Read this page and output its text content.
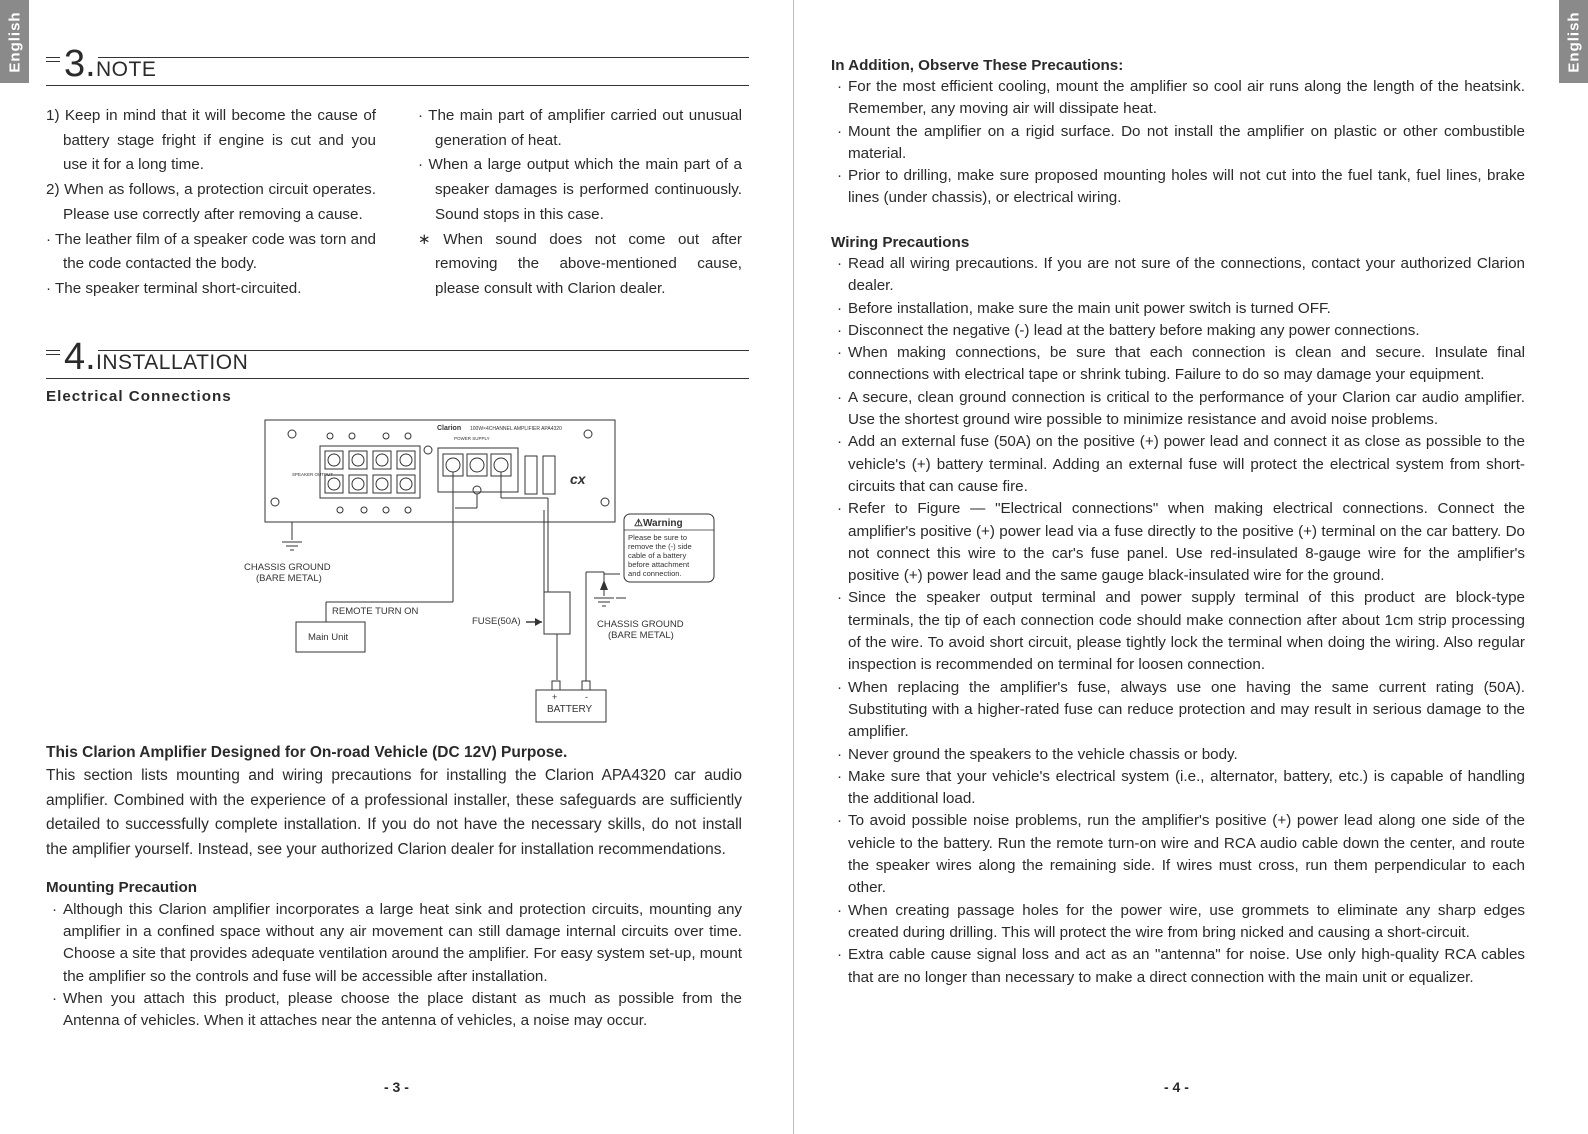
English 3. NOTE

1) Keep in mind that it will become the cause of battery stage fright if engine is cut and you use it for a long time.

2) When as follows, a protection circuit operates. Please use correctly after removing a cause.

· The leather film of a speaker code was torn and the code contacted the body.

· The speaker terminal short-circuited.

· The main part of amplifier carried out unusual generation of heat.

· When a large output which the main part of a speaker damages is performed continuously. Sound stops in this case.

∗ When sound does not come out after removing the above-mentioned cause, please consult with Clarion dealer.

4. INSTALLATION
Electrical Connections
Clarion 100W×4CHANNEL AMPLIFIER APA4320
POWER SUPPLY
SPEAKER OUTPUT	cx
⚠Warning
Please be sure to remove the (-) side cable of a battery before attachment and connection.
CHASSIS GROUND
(BARE METAL)
REMOTE TURN ON
Main Unit
FUSE(50A)	CHASSIS GROUND
(BARE METAL)
+	-
BATTERY
This Clarion Amplifier Designed for On-road Vehicle (DC 12V) Purpose.
This section lists mounting and wiring precautions for installing the Clarion APA4320 car audio amplifier. Combined with the experience of a professional installer, these safeguards are sufficiently detailed to successfully complete installation. If you do not have the necessary skills, do not install the amplifier yourself. Instead, see your authorized Clarion dealer for installation recommendations.
Mounting Precaution

· Although this Clarion amplifier incorporates a large heat sink and protection circuits, mounting any amplifier in a confined space without any air movement can still damage internal circuits over time. Choose a site that provides adequate ventilation around the amplifier. For easy system set-up, mount the amplifier so the controls and fuse will be accessible after installation.

· When you attach this product, please choose the place distant as much as possible from the Antenna of vehicles. When it attaches near the antenna of vehicles, a noise may occur.

- 3 -
English
- 4 -
In Addition, Observe These Precautions:

· For the most efficient cooling, mount the amplifier so cool air runs along the length of the heatsink. Remember, any moving air will dissipate heat.

· Mount the amplifier on a rigid surface. Do not install the amplifier on plastic or other combustible material.

· Prior to drilling, make sure proposed mounting holes will not cut into the fuel tank, fuel lines, brake lines (under chassis), or electrical wiring.

Wiring Precautions

· Read all wiring precautions. If you are not sure of the connections, contact your authorized Clarion dealer.

· Before installation, make sure the main unit power switch is turned OFF.

· Disconnect the negative (-) lead at the battery before making any power connections.

· When making connections, be sure that each connection is clean and secure. Insulate final connections with electrical tape or shrink tubing. Failure to do so may damage your equipment.

· A secure, clean ground connection is critical to the performance of your Clarion car audio amplifier. Use the shortest ground wire possible to minimize resistance and avoid noise problems.

· Add an external fuse (50A) on the positive (+) power lead and connect it as close as possible to the vehicle's (+) battery terminal. Adding an external fuse will protect the electrical system from short-circuits that can cause fire.

· Refer to Figure — "Electrical connections" when making electrical connections. Connect the amplifier's positive (+) power lead via a fuse directly to the positive (+) terminal on the car battery. Do not connect this wire to the car's fuse panel. Use red-insulated 8-gauge wire for the amplifier's positive (+) power lead and the same gauge black-insulated wire for the ground.

· Since the speaker output terminal and power supply terminal of this product are block-type terminals, the tip of each connection code should make connection after about 1cm strip processing of the wire. To avoid short circuit, please tightly lock the terminal when doing the wiring. Also regular inspection is recommended on terminal for loosen connection.

· When replacing the amplifier's fuse, always use one having the same current rating (50A). Substituting with a higher-rated fuse can reduce protection and may result in serious damage to the amplifier.

· Never ground the speakers to the vehicle chassis or body.

· Make sure that your vehicle's electrical system (i.e., alternator, battery, etc.) is capable of handling the additional load.

· To avoid possible noise problems, run the amplifier's positive (+) power lead along one side of the vehicle to the battery. Run the remote turn-on wire and RCA audio cable down the center, and route the speaker wires along the remaining side. If wires must cross, run them perpendicular to each other.

· When creating passage holes for the power wire, use grommets to eliminate any sharp edges created during drilling. This will protect the wire from bring nicked and causing a short-circuit.

· Extra cable cause signal loss and act as an "antenna" for noise. Use only high-quality RCA cables that are no longer than necessary to make a direct connection with the main unit or equalizer.
